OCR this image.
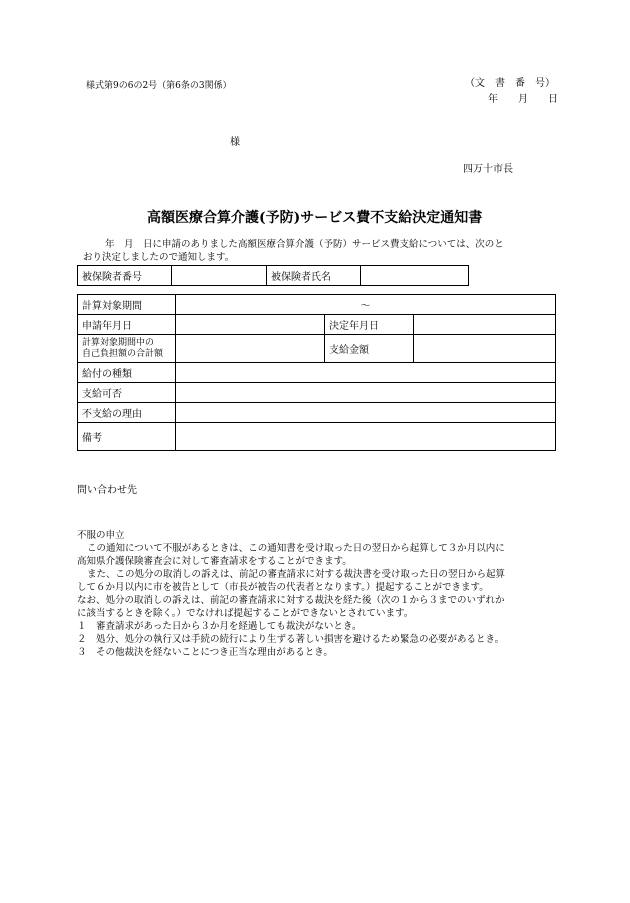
様式第9の6の2号（第6条の3関係）	（文　書　番　号）
年　　月　　日
様
四万十市長
高額医療合算介護(予防)サービス費不支給決定通知書
年　月　日に申請のありました高額医療合算介護（予防）サービス費支給については、次のと
おり決定しましたので通知します。
被保険者番号		被保険者氏名	
計算対象期間	～		
申請年月日		決定年月日	

計算対象期間中の
自己負担額の合計額		支給金額	
給付の種類			
支給可否			
不支給の理由			
備考			
問い合わせ先
不服の申立
この通知について不服があるときは、この通知書を受け取った日の翌日から起算して３か月以内に
高知県介護保険審査会に対して審査請求をすることができます。
また、この処分の取消しの訴えは、前記の審査請求に対する裁決書を受け取った日の翌日から起算
して６か月以内に市を被告として（市長が被告の代表者となります。）提起することができます。
なお、処分の取消しの訴えは、前記の審査請求に対する裁決を経た後（次の１から３までのいずれか
に該当するときを除く。）でなければ提起することができないとされています。
１　審査請求があった日から３か月を経過しても裁決がないとき。
２　処分、処分の執行又は手続の続行により生ずる著しい損害を避けるため緊急の必要があるとき。
３　その他裁決を経ないことにつき正当な理由があるとき。
